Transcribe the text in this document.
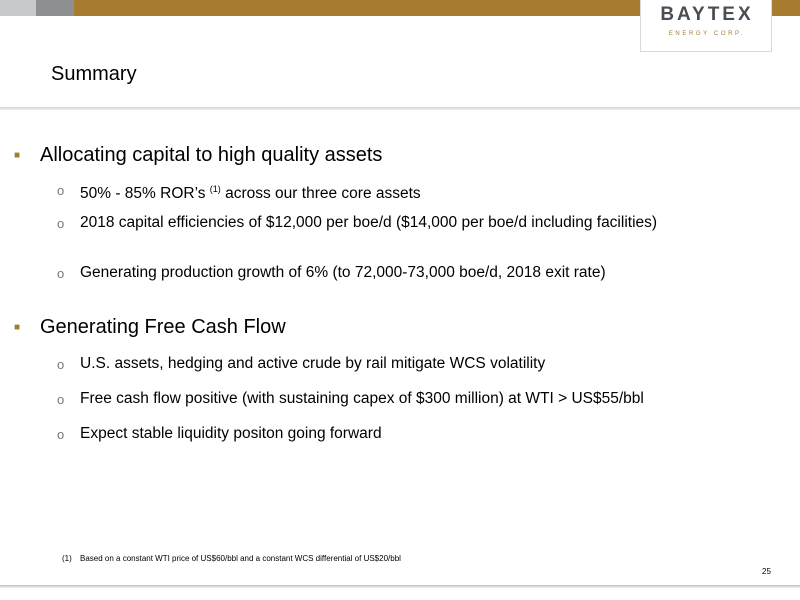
BAYTEX
ENERGY CORP.
Summary
■ Allocating capital to high quality assets
o 50% - 85% ROR’s $^{(1)}$ across our three core assets
o 2018 capital efficiencies of $12,000 per boe/d ($14,000 per boe/d including facilities)
o Generating production growth of 6% (to 72,000-73,000 boe/d, 2018 exit rate)
■ Generating Free Cash Flow
o U.S. assets, hedging and active crude by rail mitigate WCS volatility
o Free cash flow positive (with sustaining capex of $300 million) at WTI > US$55/bbl
o Expect stable liquidity positon going forward
(1) Based on a constant WTI price of US$60/bbl and a constant WCS differential of US$20/bbl
25
